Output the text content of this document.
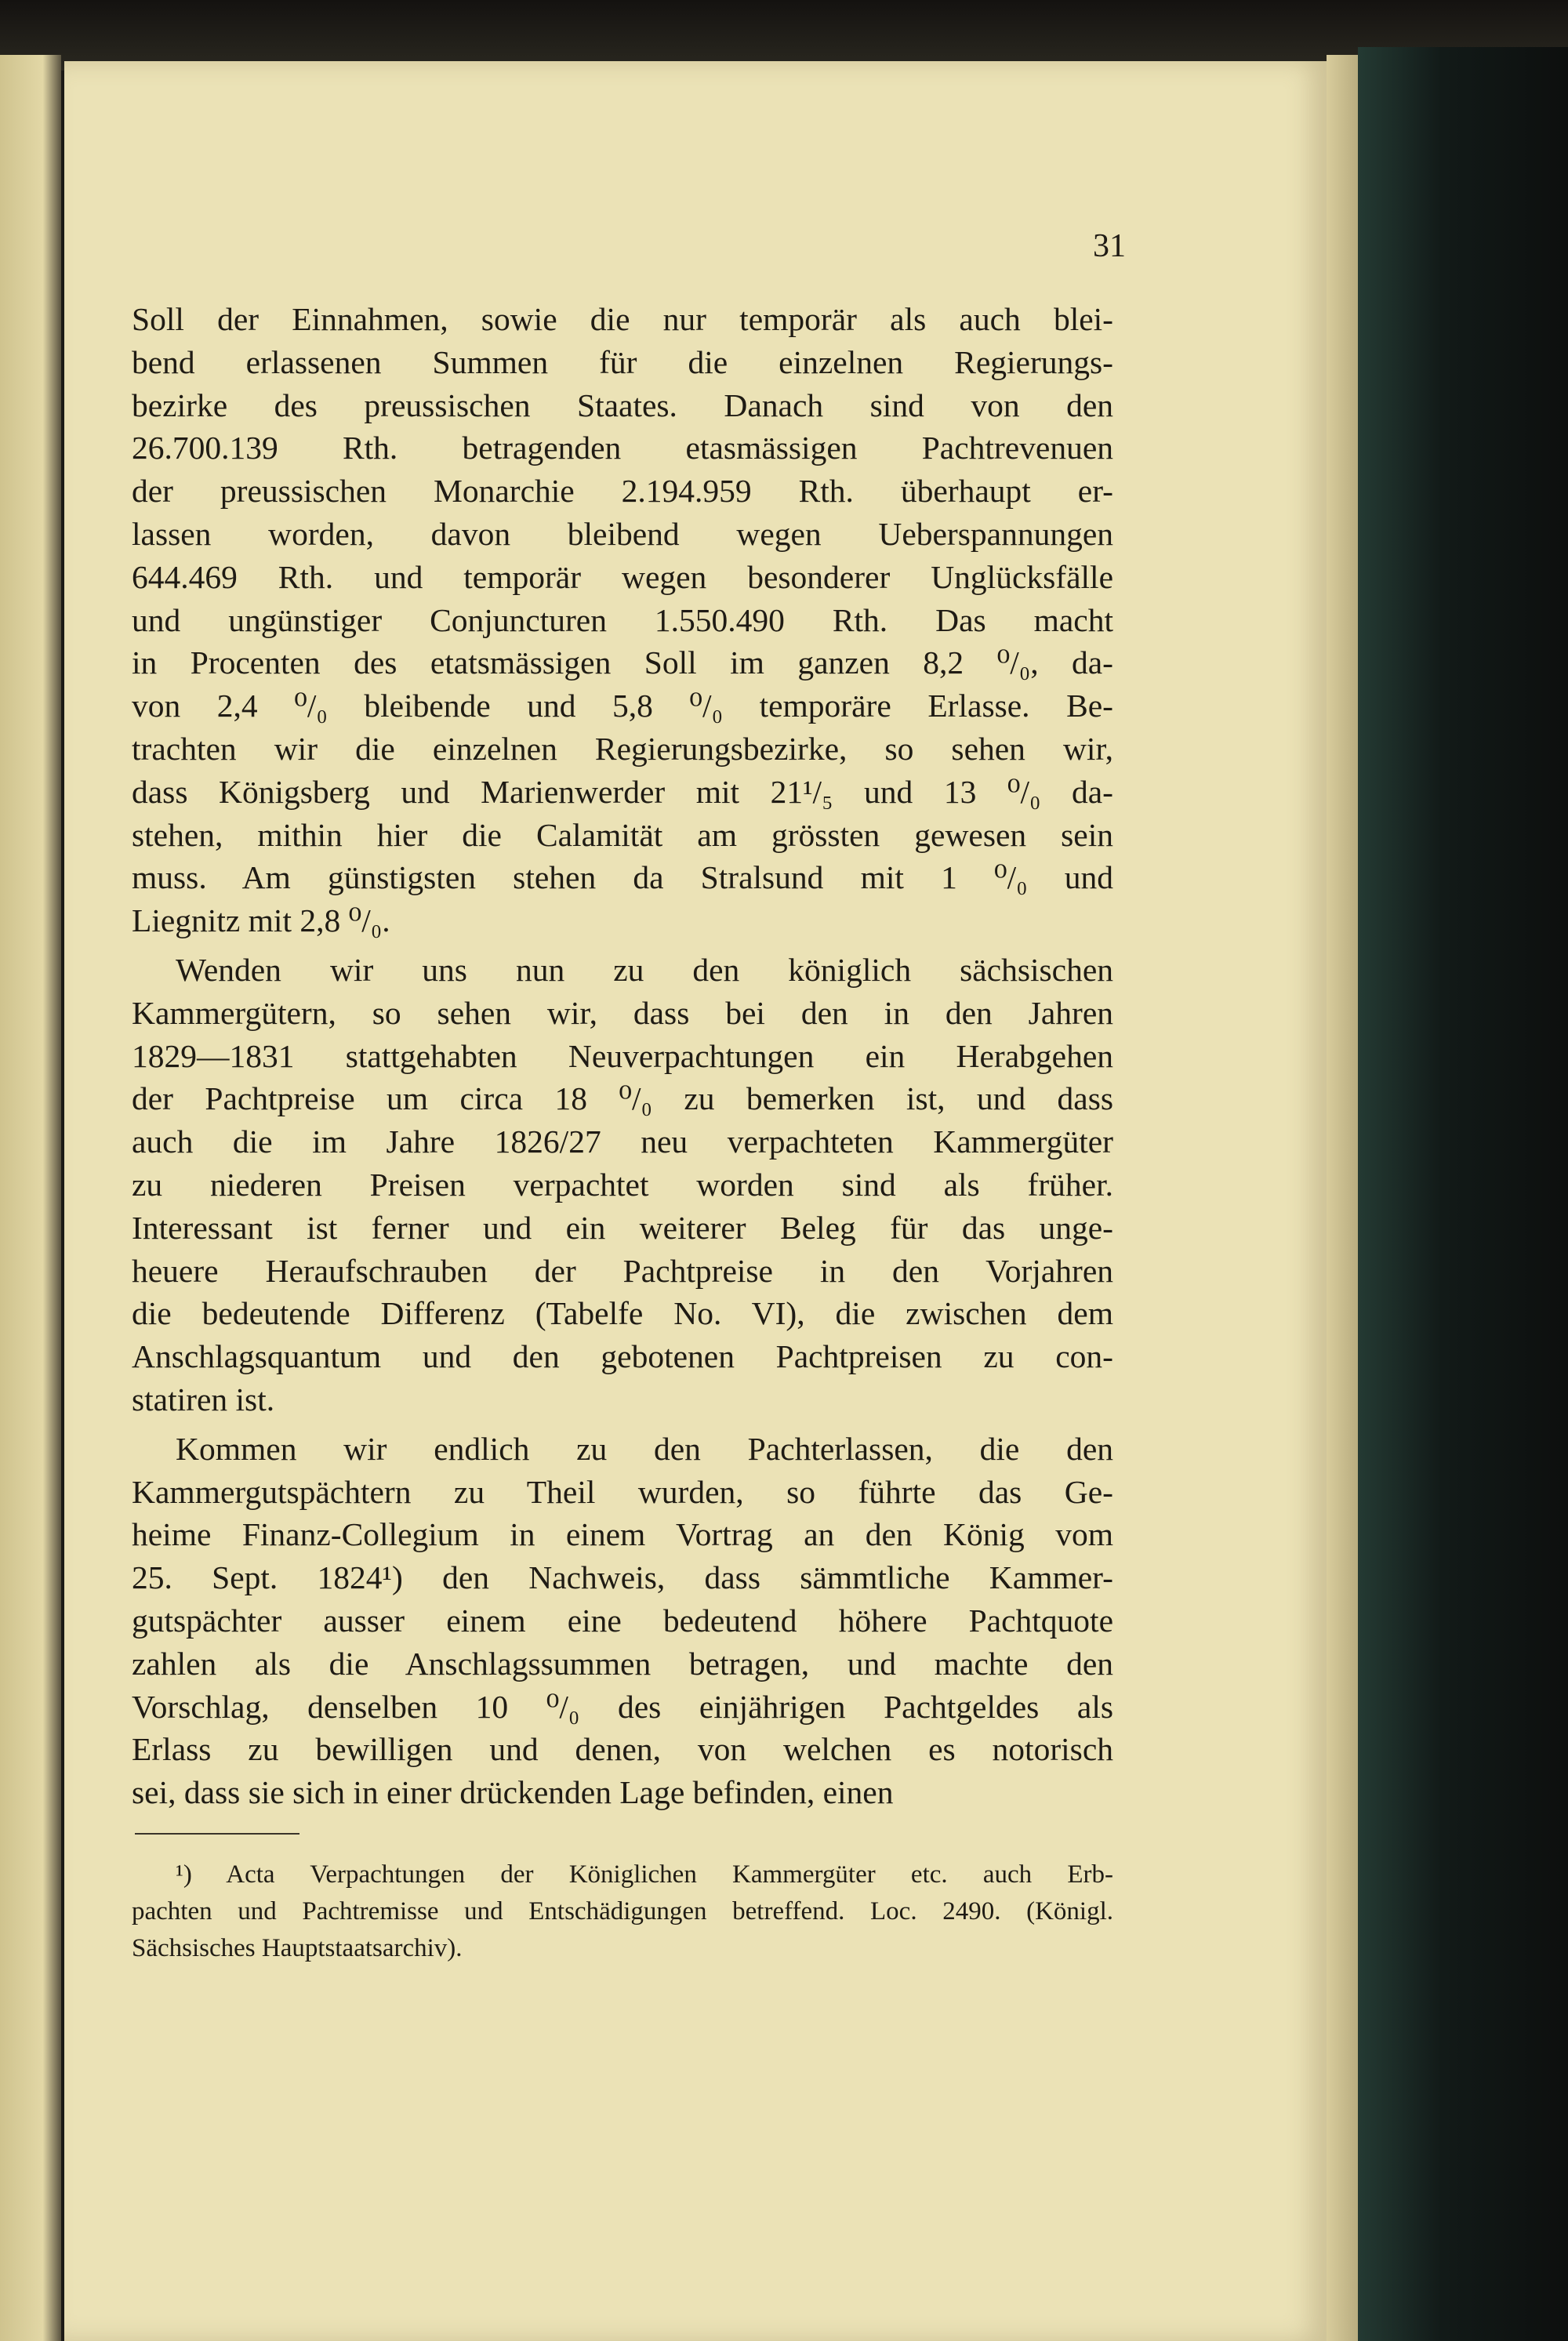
31
Soll der Einnahmen, sowie die nur temporär als auch blei-
bend erlassenen Summen für die einzelnen Regierungs-
bezirke des preussischen Staates. Danach sind von den
26.700.139 Rth. betragenden etasmässigen Pachtrevenuen
der preussischen Monarchie 2.194.959 Rth. überhaupt er-
lassen worden, davon bleibend wegen Ueberspannungen
644.469 Rth. und temporär wegen besonderer Unglücksfälle
und ungünstiger Conjuncturen 1.550.490 Rth. Das macht
in Procenten des etatsmässigen Soll im ganzen 8,2 ⁰/₀, da-
von 2,4 ⁰/₀ bleibende und 5,8 ⁰/₀ temporäre Erlasse. Be-
trachten wir die einzelnen Regierungsbezirke, so sehen wir,
dass Königsberg und Marienwerder mit 21¹/₅ und 13 ⁰/₀ da-
stehen, mithin hier die Calamität am grössten gewesen sein
muss. Am günstigsten stehen da Stralsund mit 1 ⁰/₀ und
Liegnitz mit 2,8 ⁰/₀.
Wenden wir uns nun zu den königlich sächsischen
Kammergütern, so sehen wir, dass bei den in den Jahren
1829—1831 stattgehabten Neuverpachtungen ein Herabgehen
der Pachtpreise um circa 18 ⁰/₀ zu bemerken ist, und dass
auch die im Jahre 1826/27 neu verpachteten Kammergüter
zu niederen Preisen verpachtet worden sind als früher.
Interessant ist ferner und ein weiterer Beleg für das unge-
heuere Heraufschrauben der Pachtpreise in den Vorjahren
die bedeutende Differenz (Tabelfe No. VI), die zwischen dem
Anschlagsquantum und den gebotenen Pachtpreisen zu con-
statiren ist.
Kommen wir endlich zu den Pachterlassen, die den
Kammergutspächtern zu Theil wurden, so führte das Ge-
heime Finanz-Collegium in einem Vortrag an den König vom
25. Sept. 1824¹) den Nachweis, dass sämmtliche Kammer-
gutspächter ausser einem eine bedeutend höhere Pachtquote
zahlen als die Anschlagssummen betragen, und machte den
Vorschlag, denselben 10 ⁰/₀ des einjährigen Pachtgeldes als
Erlass zu bewilligen und denen, von welchen es notorisch
sei, dass sie sich in einer drückenden Lage befinden, einen
¹) Acta Verpachtungen der Königlichen Kammergüter etc. auch Erb-
pachten und Pachtremisse und Entschädigungen betreffend. Loc. 2490. (Königl.
Sächsisches Hauptstaatsarchiv).
